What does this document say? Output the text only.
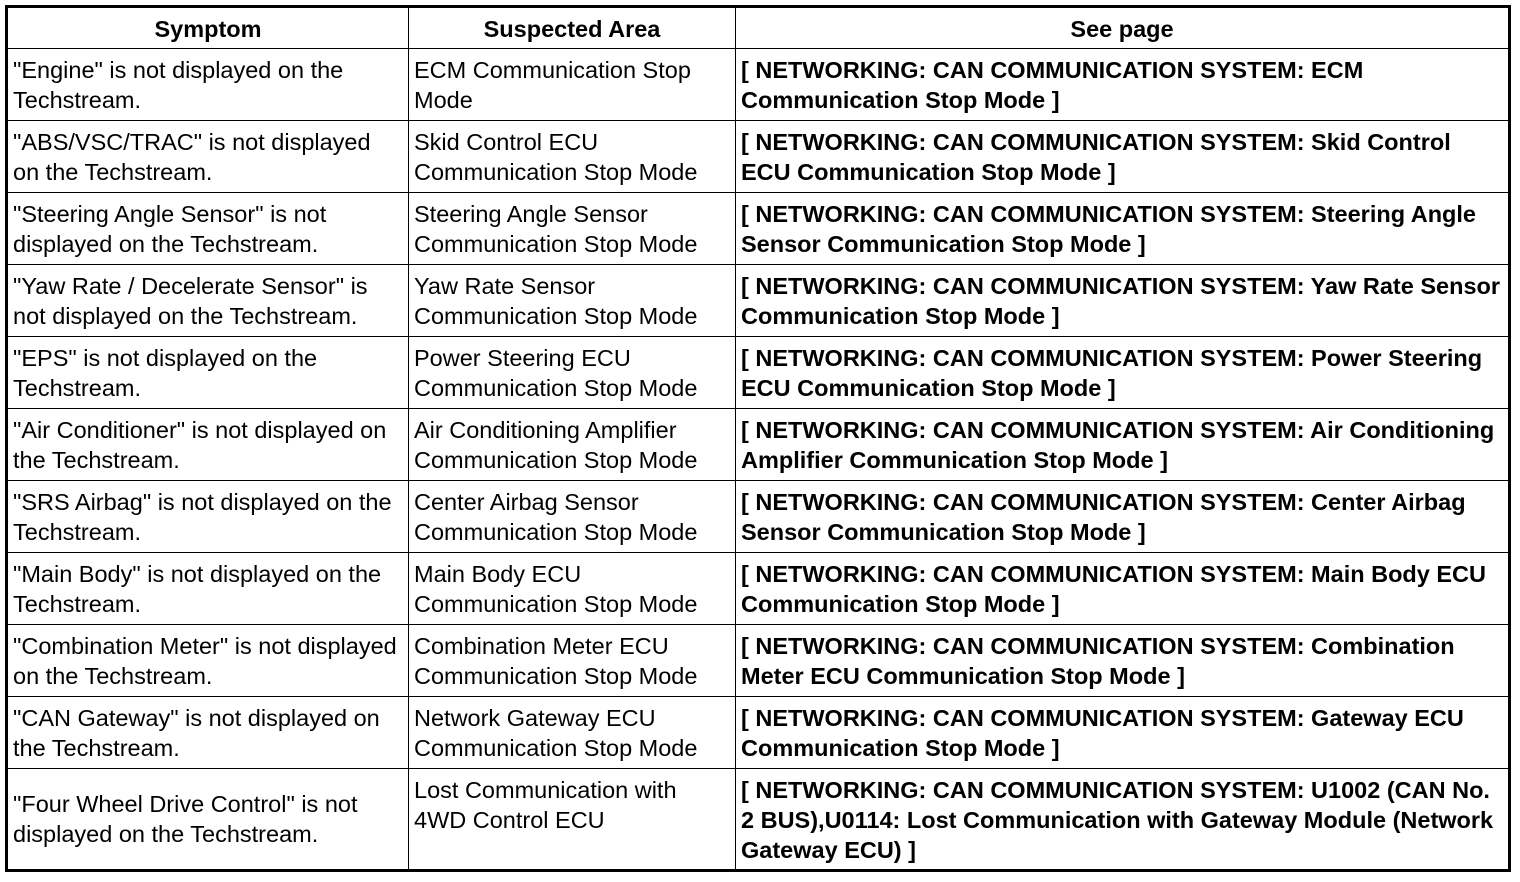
Symptom	Suspected Area	See page
"Engine" is not displayed on the Techstream.	ECM Communication Stop Mode	[ NETWORKING: CAN COMMUNICATION SYSTEM: ECM Communication Stop Mode ]
"ABS/VSC/TRAC" is not displayed on the Techstream.	Skid Control ECU Communication Stop Mode	[ NETWORKING: CAN COMMUNICATION SYSTEM: Skid Control ECU Communication Stop Mode ]
"Steering Angle Sensor" is not displayed on the Techstream.	Steering Angle Sensor Communication Stop Mode	[ NETWORKING: CAN COMMUNICATION SYSTEM: Steering Angle Sensor Communication Stop Mode ]
"Yaw Rate / Decelerate Sensor" is not displayed on the Techstream.	Yaw Rate Sensor Communication Stop Mode	[ NETWORKING: CAN COMMUNICATION SYSTEM: Yaw Rate Sensor Communication Stop Mode ]
"EPS" is not displayed on the Techstream.	Power Steering ECU Communication Stop Mode	[ NETWORKING: CAN COMMUNICATION SYSTEM: Power Steering ECU Communication Stop Mode ]
"Air Conditioner" is not displayed on the Techstream.	Air Conditioning Amplifier Communication Stop Mode	[ NETWORKING: CAN COMMUNICATION SYSTEM: Air Conditioning Amplifier Communication Stop Mode ]
"SRS Airbag" is not displayed on the Techstream.	Center Airbag Sensor Communication Stop Mode	[ NETWORKING: CAN COMMUNICATION SYSTEM: Center Airbag Sensor Communication Stop Mode ]
"Main Body" is not displayed on the Techstream.	Main Body ECU Communication Stop Mode	[ NETWORKING: CAN COMMUNICATION SYSTEM: Main Body ECU Communication Stop Mode ]
"Combination Meter" is not displayed on the Techstream.	Combination Meter ECU Communication Stop Mode	[ NETWORKING: CAN COMMUNICATION SYSTEM: Combination Meter ECU Communication Stop Mode ]
"CAN Gateway" is not displayed on the Techstream.	Network Gateway ECU Communication Stop Mode	[ NETWORKING: CAN COMMUNICATION SYSTEM: Gateway ECU Communication Stop Mode ]
"Four Wheel Drive Control" is not displayed on the Techstream.	Lost Communication with 4WD Control ECU	[ NETWORKING: CAN COMMUNICATION SYSTEM: U1002 (CAN No. 2 BUS),U0114: Lost Communication with Gateway Module (Network Gateway ECU) ]
